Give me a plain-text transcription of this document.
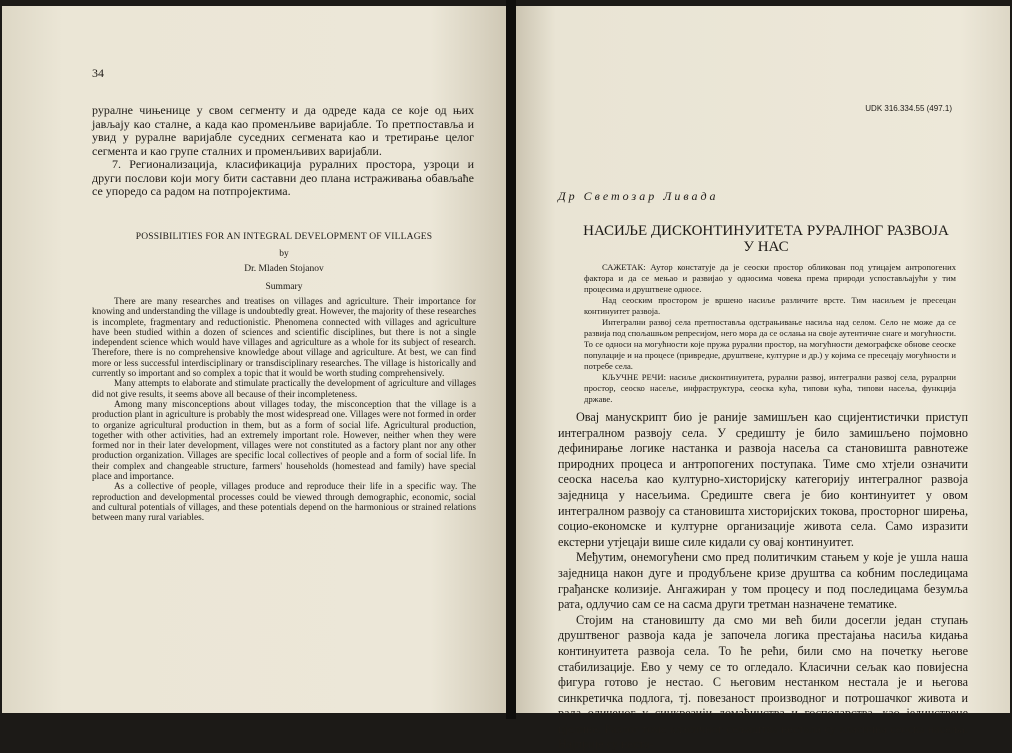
34

руралне чињенице у свом сегменту и да одреде када се које од њих јављају као сталне, а када као променљиве варијабле. То претпоставља и увид у руралне варијабле суседних сегмената као и третирање целог сегмента и као групе сталних и променљивих варијабли.

7. Регионализација, класификација руралних простора, узроци и други послови који могу бити саставни део плана истраживања обављаће се упоредо са радом на потпројектима.

POSSIBILITIES FOR AN INTEGRAL DEVELOPMENT OF VILLAGES
by
Dr. Mladen Stojanov
Summary

There are many researches and treatises on villages and agriculture. Their importance for knowing and understanding the village is undoubtedly great. However, the majority of these researches is incomplete, fragmentary and reductionistic. Phenomena connected with villages and agriculture have been studied within a dozen of sciences and scientific disciplines, but there is not a single independent science which would have villages and agriculture as a whole for its subject of research. Therefore, there is no comprehensive knowledge about village and agriculture. At best, we can find more or less successful interdisciplinary or transdisciplinary researches. The village is historically and currently so important and so complex a topic that it would be worth studing comprehensively.

Many attempts to elaborate and stimulate practically the development of agriculture and villages did not give results, it seems above all because of their incompleteness.

Among many misconceptions about villages today, the misconception that the village is a production plant in agriculture is probably the most widespread one. Villages were not formed in order to organize agricultural production in them, but as a form of social life. Agricultural production, together with other activities, had an extremely important role. However, neither when they were formed nor in their later development, villages were not constituted as a factory plant nor any other production organization. Villages are specific local collectives of people and a form of social life. In their complex and changeable structure, farmers' households (homestead and family) have special place and importance.

As a collective of people, villages produce and reproduce their life in a specific way. The reproduction and developmental processes could be viewed through demographic, economic, social and cultural potentials of villages, and these potentials depend on the harmonious or strained relations between many rural variables.

UDK 316.334.55 (497.1)
Др Светозар Ливада
НАСИЉЕ ДИСКОНТИНУИТЕТА РУРАЛНОГ РАЗВОЈА
У НАС

САЖЕТАК: Аутор констатује да је сеоски простор обликован под утицајем антропогених фактора и да се мењао и развијао у односима човека према природи успостављајући у тим процесима и друштвене односе.

Над сеоским простором је вршено насиље различите врсте. Тим насиљем је пресецан континуитет развоја.

Интегрални развој села претпоставља одстрањивање насиља над селом. Село не може да се развија под спољашњом репресијом, него мора да се ослања на своје аутентичне снаге и могућности. То се односи на могућности које пружа рурални простор, на могућности демографске обнове сеоске популације и на процесе (привредне, друштвене, културне и др.) у којима се пресецају могућности и потребе села.

КЉУЧНЕ РЕЧИ: насиље дисконтинуитета, рурални развој, интегрални развој села, руралрни простор, сеоско насеље, инфраструктура, сеоска кућа, типови кућа, типови насеља, функција државе.

Овај манускрипт био је раније замишљен као сцијентистички приступ интегралном развоју села. У средишту је било замишљено појмовно дефинирање логике настанка и развоја насеља са становишта равнотеже природних процеса и антропогених поступака. Тиме смо хтјели означити сеоска насеља као културно-хисторијску категорију интегралног развоја заједница у насељима. Средиште свега је био континуитет у овом интегралном развоју са становишта хисторијских токова, просторног ширења, социо-економске и културне организације живота села. Само изразити екстерни утјецаји више силе кидали су овај континуитет.

Међутим, онемогућени смо пред политичким стањем у које је ушла наша заједница након дуге и продубљене кризе друштва са кобним последицама грађанске колизије. Ангажиран у том процесу и под последицама безумља рата, одлучио сам се на сасма други третман назначене тематике.

Стојим на становишту да смо ми већ били досегли један ступањ друштвеног развоја када је започела логика престајања насиља кидања континуитета развоја села. То ће рећи, били смо на почетку његове стабилизације. Ево у чему се то огледало. Класични сељак као повијесна фигура готово је нестао. С његовим нестанком нестала је и његова синкретичка подлога, тј. повезаност производног и потрошачког живота и рада оличеног у синкрезији домаћинства и господарства, као јединствене цјелине. Разлог томе класичног сељаштва нестала су класична сеоска насеља. Најприје су неста-
